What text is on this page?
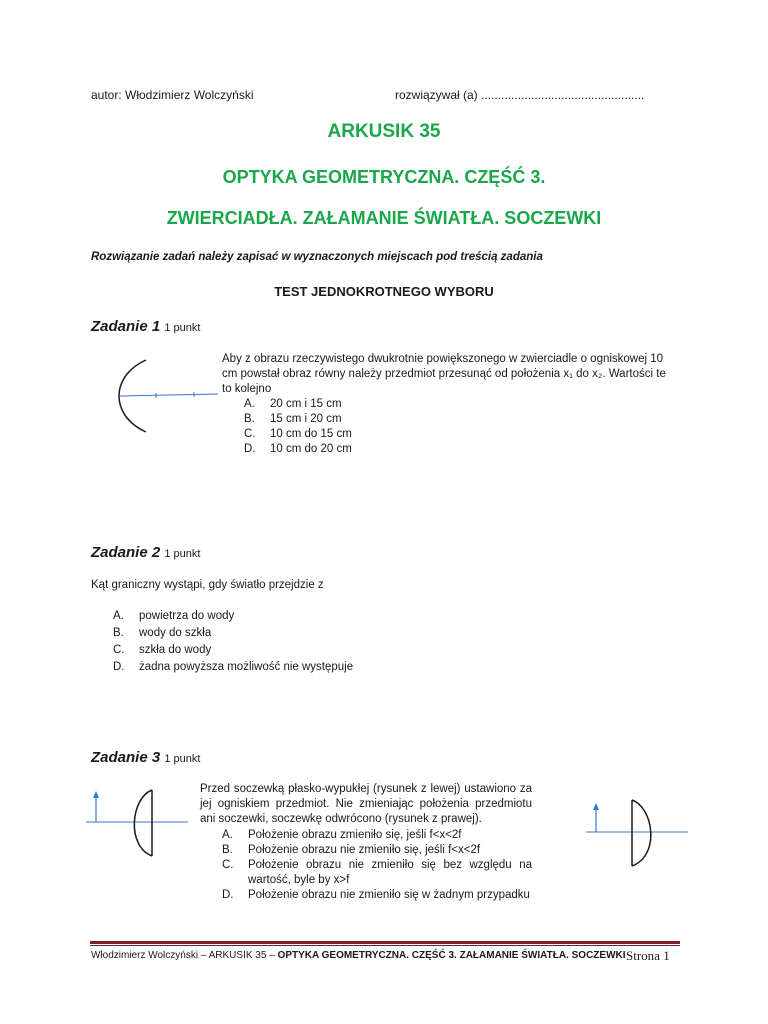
autor: Włodzimierz Wolczyński	rozwiązywał (a) .................................................
ARKUSIK 35
OPTYKA GEOMETRYCZNA. CZĘŚĆ 3.
ZWIERCIADŁA. ZAŁAMANIE ŚWIATŁA. SOCZEWKI
Rozwiązanie zadań należy zapisać w wyznaczonych miejscach pod treścią zadania
TEST JEDNOKROTNEGO WYBORU
Zadanie 1 1 punkt
Aby z obrazu rzeczywistego dwukrotnie powiększonego w zwierciadle o ogniskowej 10 cm powstał obraz równy należy przedmiot przesunąć od położenia x₁ do x₂. Wartości te to kolejno
A. 20 cm i 15 cm
B. 15 cm i 20 cm
C. 10 cm do 15 cm
D. 10 cm do 20 cm
Zadanie 2 1 punkt
Kąt graniczny wystąpi, gdy światło przejdzie z
A. powietrza do wody
B. wody do szkła
C. szkła do wody
D. żadna powyższa możliwość nie występuje
Zadanie 3 1 punkt
Przed soczewką płasko-wypukłej (rysunek z lewej) ustawiono za jej ogniskiem przedmiot. Nie zmieniając położenia przedmiotu ani soczewki, soczewkę odwrócono (rysunek z prawej).
A. Położenie obrazu zmieniło się, jeśli f<x<2f
B. Położenie obrazu nie zmieniło się, jeśli f<x<2f
C.	Położenie obrazu nie zmieniło się bez względu na wartość, byle by x>f
D. Położenie obrazu nie zmieniło się w żadnym przypadku
Włodzimierz Wolczyński – ARKUSIK 35 – OPTYKA GEOMETRYCZNA. CZĘŚĆ 3. ZAŁAMANIE ŚWIATŁA. SOCZEWKI Strona 1
